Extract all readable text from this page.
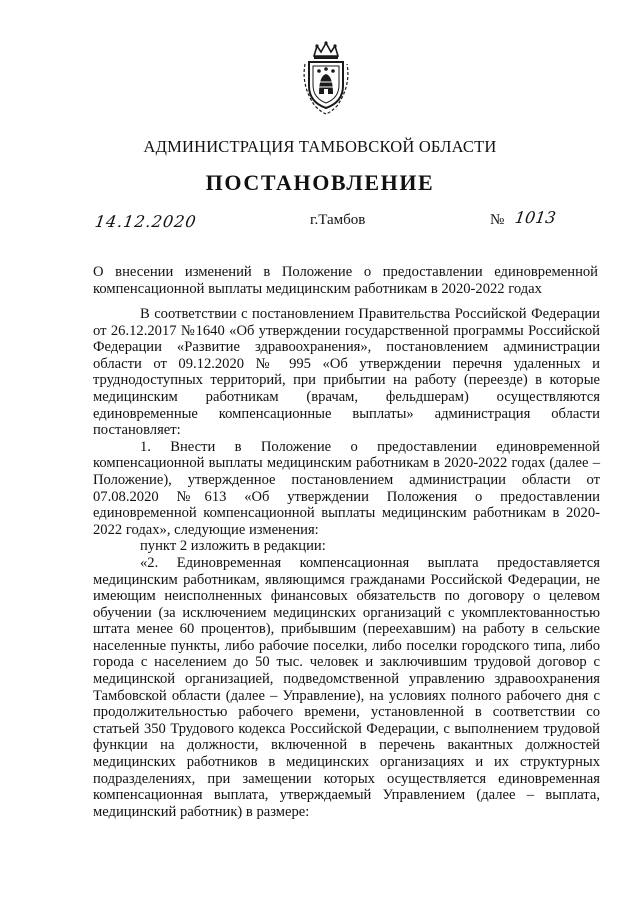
АДМИНИСТРАЦИЯ ТАМБОВСКОЙ ОБЛАСТИ
ПОСТАНОВЛЕНИЕ
14.12.2020	г.Тамбов	№ 1013
О внесении изменений в Положение о предоставлении единовременной компенсационной выплаты медицинским работникам в 2020-2022 годах

В соответствии с постановлением Правительства Российской Федерации от 26.12.2017 №1640 «Об утверждении государственной программы Российской Федерации «Развитие здравоохранения», постановлением администрации области от 09.12.2020 № 995 «Об утверждении перечня удаленных и труднодоступных территорий, при прибытии на работу (переезде) в которые медицинским работникам (врачам, фельдшерам) осуществляются единовременные компенсационные выплаты» администрация области постановляет:

1. Внести в Положение о предоставлении единовременной компенсационной выплаты медицинским работникам в 2020-2022 годах (далее – Положение), утвержденное постановлением администрации области от 07.08.2020 №613 «Об утверждении Положения о предоставлении единовременной компенсационной выплаты медицинским работникам в 2020-2022 годах», следующие изменения:

пункт 2 изложить в редакции:

«2. Единовременная компенсационная выплата предоставляется медицинским работникам, являющимся гражданами Российской Федерации, не имеющим неисполненных финансовых обязательств по договору о целевом обучении (за исключением медицинских организаций с укомплектованностью штата менее 60 процентов), прибывшим (переехавшим) на работу в сельские населенные пункты, либо рабочие поселки, либо поселки городского типа, либо города с населением до 50 тыс. человек и заключившим трудовой договор с медицинской организацией, подведомственной управлению здравоохранения Тамбовской области (далее – Управление), на условиях полного рабочего дня с продолжительностью рабочего времени, установленной в соответствии со статьей 350 Трудового кодекса Российской Федерации, с выполнением трудовой функции на должности, включенной в перечень вакантных должностей медицинских работников в медицинских организациях и их структурных подразделениях, при замещении которых осуществляется единовременная компенсационная выплата, утверждаемый Управлением (далее – выплата, медицинский работник) в размере:
